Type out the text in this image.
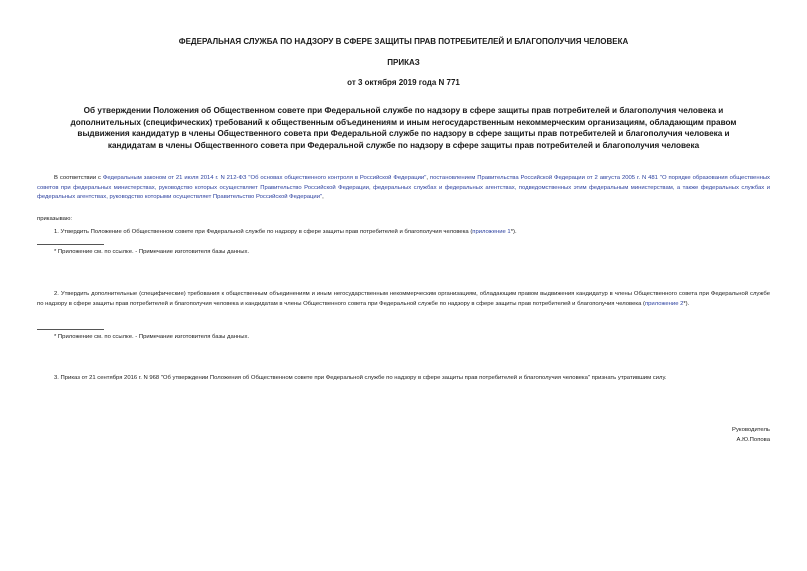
ФЕДЕРАЛЬНАЯ СЛУЖБА ПО НАДЗОРУ В СФЕРЕ ЗАЩИТЫ ПРАВ ПОТРЕБИТЕЛЕЙ И БЛАГОПОЛУЧИЯ ЧЕЛОВЕКА
ПРИКАЗ
от 3 октября 2019 года N 771
Об утверждении Положения об Общественном совете при Федеральной службе по надзору в сфере защиты прав потребителей и благополучия человека и дополнительных (специфических) требований к общественным объединениям и иным негосударственным некоммерческим организациям, обладающим правом выдвижения кандидатур в члены Общественного совета при Федеральной службе по надзору в сфере защиты прав потребителей и благополучия человека и кандидатам в члены Общественного совета при Федеральной службе по надзору в сфере защиты прав потребителей и благополучия человека
В соответствии с Федеральным законом от 21 июля 2014 г. N 212-ФЗ "Об основах общественного контроля в Российской Федерации", постановлением Правительства Российской Федерации от 2 августа 2005 г. N 481 "О порядке образования общественных советов при федеральных министерствах, руководство которых осуществляет Правительство Российской Федерации, федеральных службах и федеральных агентствах, подведомственных этим федеральным министерствам, а также федеральных службах и федеральных агентствах, руководство которыми осуществляет Правительство Российской Федерации",
приказываю:
1. Утвердить Положение об Общественном совете при Федеральной службе по надзору в сфере защиты прав потребителей и благополучия человека (приложение 1*).
* Приложение см. по ссылке. - Примечание изготовителя базы данных.
2. Утвердить дополнительные (специфические) требования к общественным объединениям и иным негосударственным некоммерческим организациям, обладающим правом выдвижения кандидатур в члены Общественного совета при Федеральной службе по надзору в сфере защиты прав потребителей и благополучия человека и кандидатам в члены Общественного совета при Федеральной службе по надзору в сфере защиты прав потребителей и благополучия человека (приложение 2*).
* Приложение см. по ссылке. - Примечание изготовителя базы данных.
3. Приказ от 21 сентября 2016 г. N 968 "Об утверждении Положения об Общественном совете при Федеральной службе по надзору в сфере защиты прав потребителей и благополучия человека" признать утратившим силу.
Руководитель
А.Ю.Попова
